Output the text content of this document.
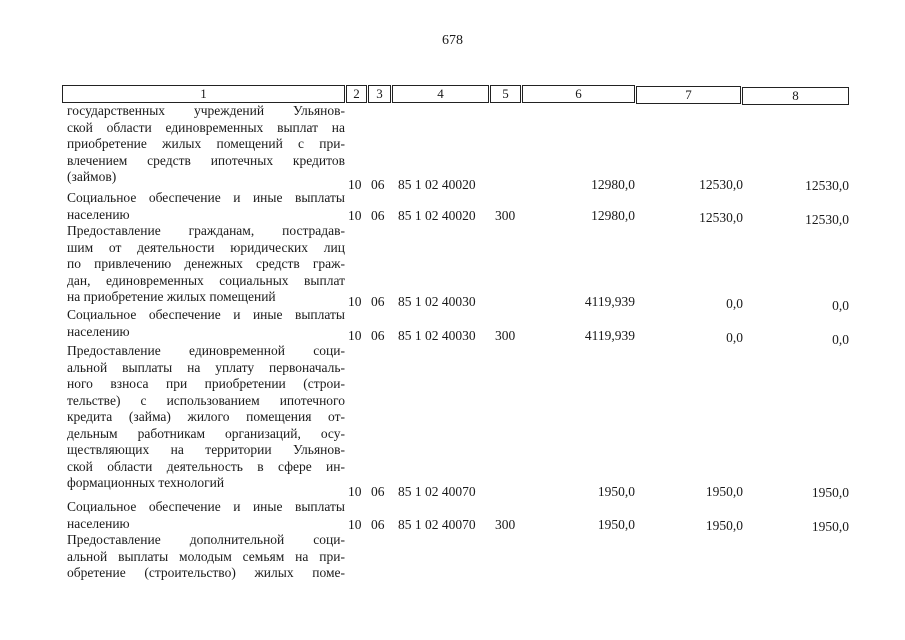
678
1	2	3	4	5	6	7	8
государственных учреждений Ульянов-
ской области единовременных выплат на
приобретение жилых помещений с при-
влечением средств ипотечных кредитов
(займов)
10 06 85 1 02 40020	12980,0	12530,0	12530,0
Социальное обеспечение и иные выплаты
населению	10 06 85 1 02 40020 300	12980,0	12530,0	12530,0
Предоставление гражданам, пострадав-
шим от деятельности юридических лиц
по привлечению денежных средств граж-
дан, единовременных социальных выплат
на приобретение жилых помещений	10 06 85 1 02 40030	4119,939	0,0	0,0
Социальное обеспечение и иные выплаты
населению	10 06 85 1 02 40030 300	4119,939	0,0	0,0
Предоставление единовременной соци-
альной выплаты на уплату первоначаль-
ного взноса при приобретении (строи-
тельстве) с использованием ипотечного
кредита (займа) жилого помещения от-
дельным работникам организаций, осу-
ществляющих на территории Ульянов-
ской области деятельность в сфере ин-
формационных технологий
10 06 85 1 02 40070	1950,0	1950,0	1950,0
Социальное обеспечение и иные выплаты
населению	10 06 85 1 02 40070 300	1950,0	1950,0	1950,0
Предоставление дополнительной соци-
альной выплаты молодым семьям на при-
обретение (строительство) жилых поме-
